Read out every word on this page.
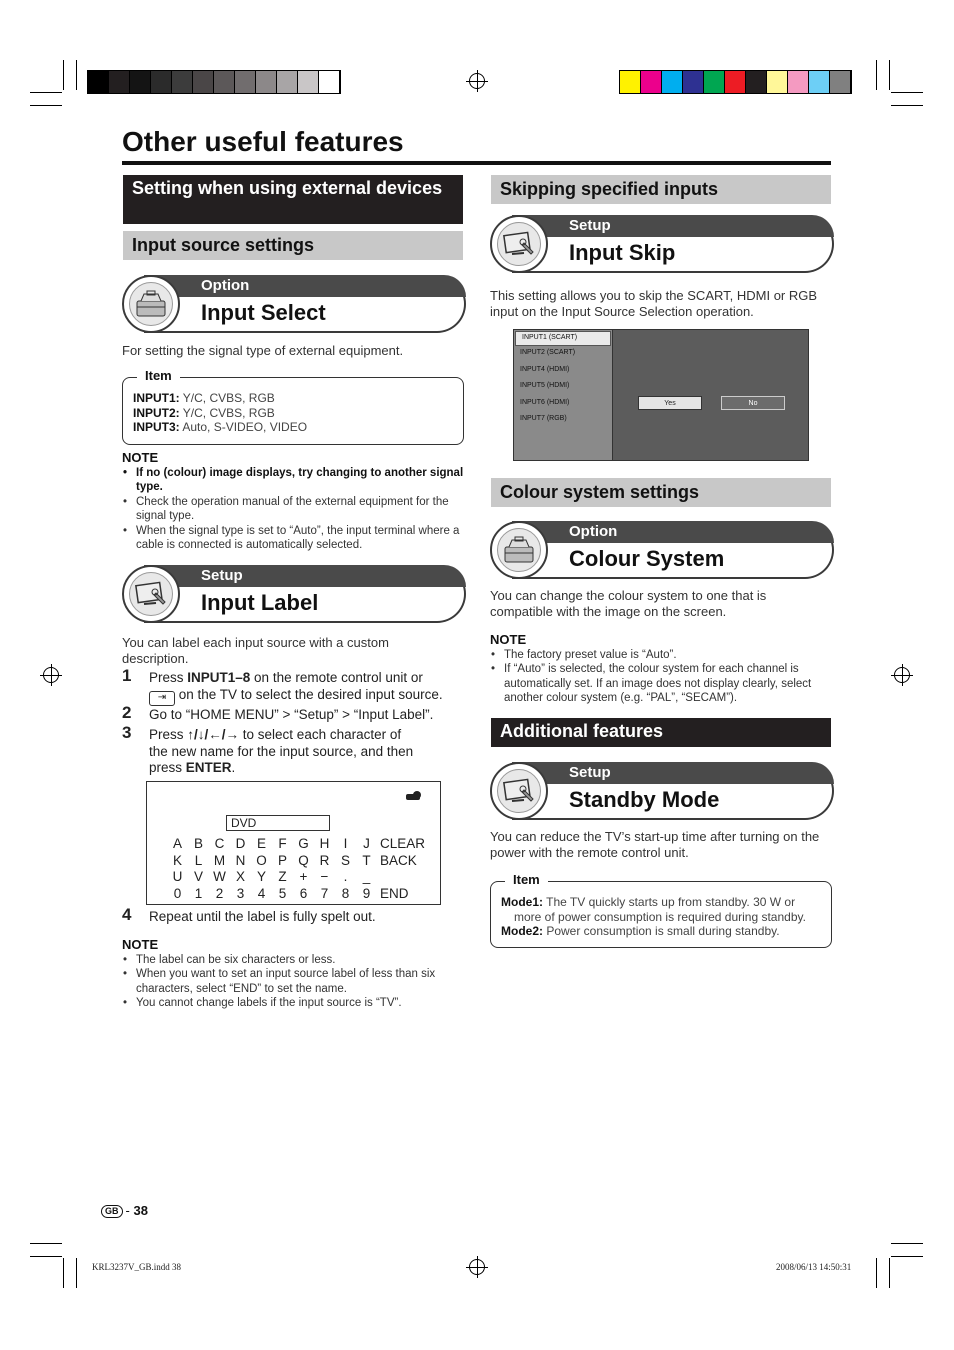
Other useful features
Setting when using external devices
Input source settings
Option
Input Select
For setting the signal type of external equipment.
Item
INPUT1: Y/C, CVBS, RGB
INPUT2: Y/C, CVBS, RGB
INPUT3: Auto, S-VIDEO, VIDEO
NOTE
• If no (colour) image displays, try changing to another signal type.
• Check the operation manual of the external equipment for the signal type.
• When the signal type is set to “Auto”, the input terminal where a cable is connected is automatically selected.
Setup
Input Label
You can label each input source with a custom description.
1 Press INPUT1–8 on the remote control unit or
⇥ on the TV to select the desired input source.
2 Go to “HOME MENU” > “Setup” > “Input Label”.
3 Press ↑/↓/←/→ to select each character of
the new name for the input source, and then
press ENTER.
DVD
A B C D E F G H	I	J CLEAR
K L M N O P Q R S T BACK
U V W X Y Z + −	.	_
0 1 2 3 4 5 6 7 8 9 END
4 Repeat until the label is fully spelt out.
NOTE
• The label can be six characters or less.
• When you want to set an input source label of less than six characters, select “END” to set the name.
• You cannot change labels if the input source is “TV”.
Skipping specified inputs
Setup
Input Skip
This setting allows you to skip the SCART, HDMI or RGB input on the Input Source Selection operation.
INPUT1 (SCART)
INPUT2 (SCART)
INPUT4 (HDMI)
INPUT5 (HDMI)
INPUT6 (HDMI)
INPUT7 (RGB)
Yes	No
Colour system settings
Option
Colour System
You can change the colour system to one that is compatible with the image on the screen.
NOTE
• The factory preset value is “Auto”.
• If “Auto” is selected, the colour system for each channel is automatically set. If an image does not display clearly, select another colour system (e.g. “PAL”, “SECAM”).
Additional features
Setup
Standby Mode
You can reduce the TV’s start-up time after turning on the power with the remote control unit.
Item
Mode1: The TV quickly starts up from standby. 30 W or more of power consumption is required during standby.
Mode2: Power consumption is small during standby.
GB - 38
KRL3237V_GB.indd 38	2008/06/13 14:50:31
